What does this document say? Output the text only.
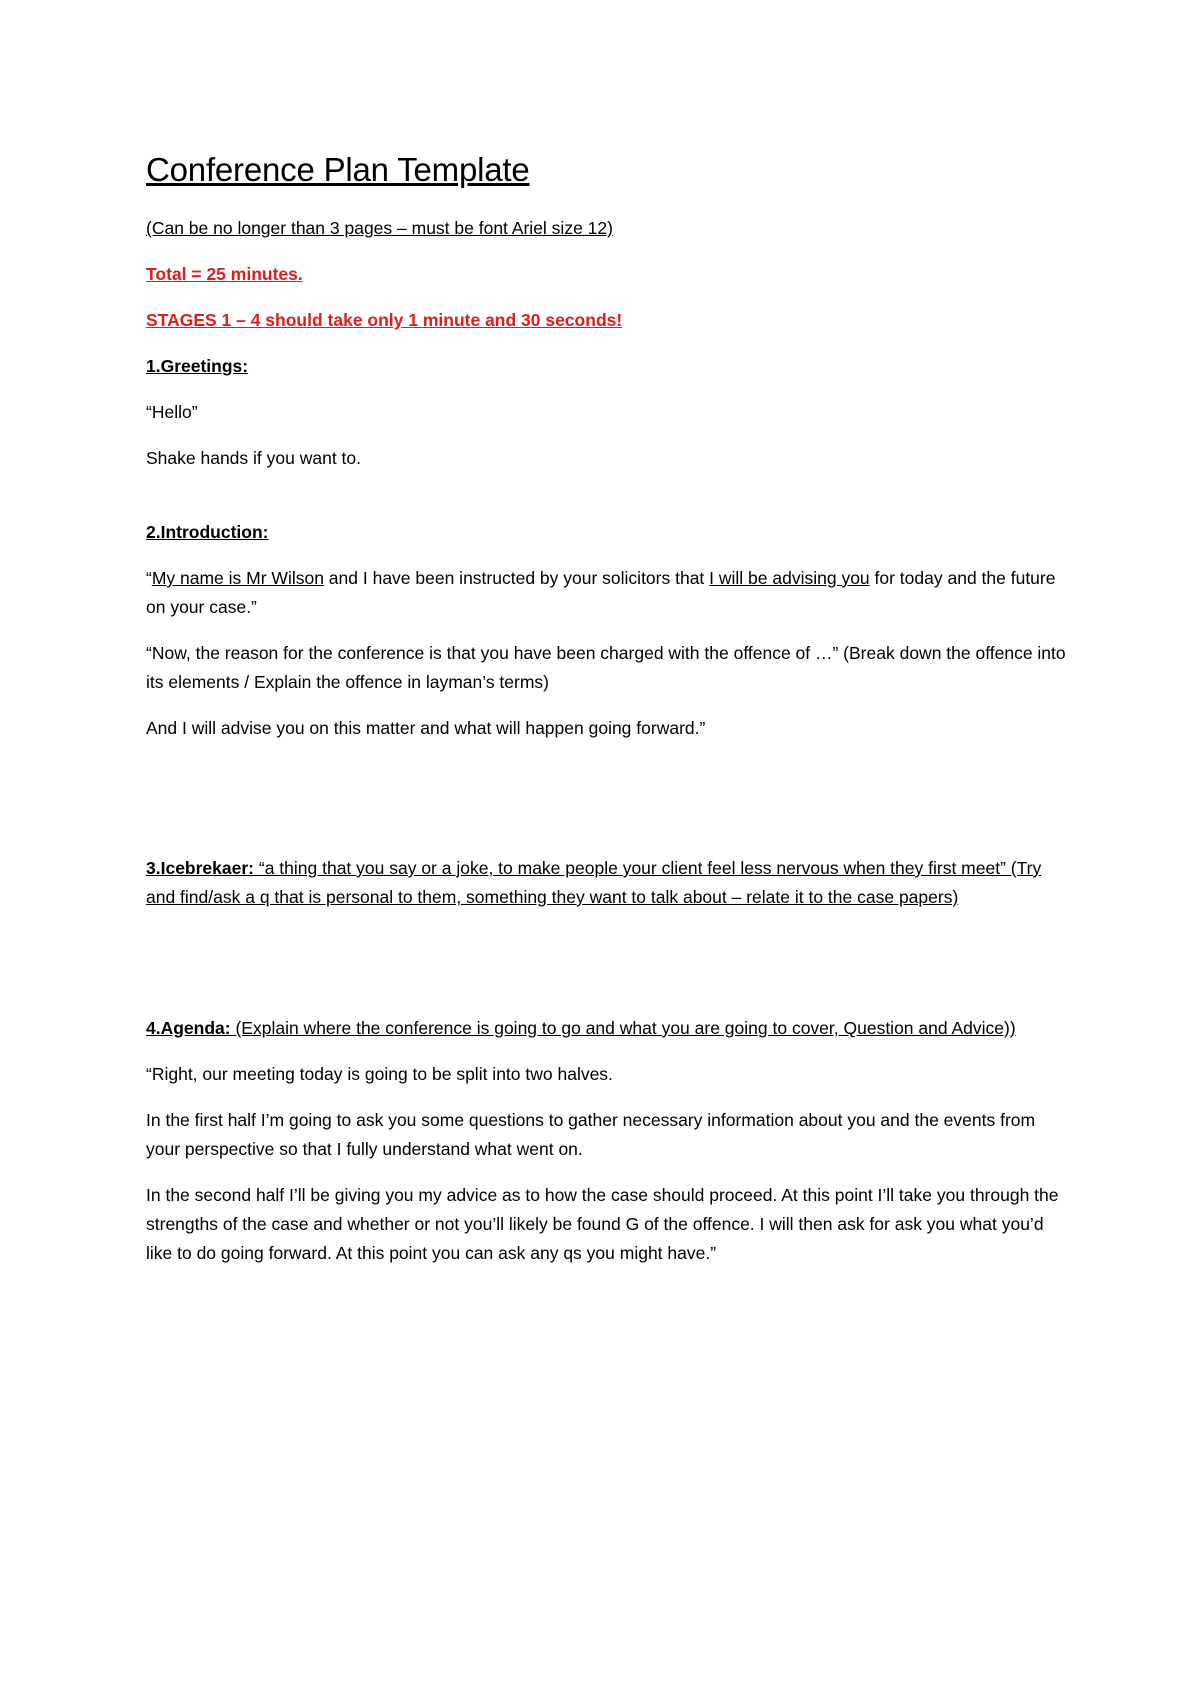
Conference Plan Template

(Can be no longer than 3 pages – must be font Ariel size 12)

Total = 25 minutes.

STAGES 1 – 4 should take only 1 minute and 30 seconds!

1.Greetings:

“Hello”

Shake hands if you want to.

2.Introduction:

“My name is Mr Wilson and I have been instructed by your solicitors that I will be advising you for today and the future on your case.”

“Now, the reason for the conference is that you have been charged with the offence of …” (Break down the offence into its elements / Explain the offence in layman’s terms)

And I will advise you on this matter and what will happen going forward.”

3.Icebrekaer: “a thing that you say or a joke, to make people your client feel less nervous when they first meet” (Try and find/ask a q that is personal to them, something they want to talk about – relate it to the case papers)

4.Agenda: (Explain where the conference is going to go and what you are going to cover, Question and Advice))

“Right, our meeting today is going to be split into two halves.

In the first half I’m going to ask you some questions to gather necessary information about you and the events from your perspective so that I fully understand what went on.

In the second half I’ll be giving you my advice as to how the case should proceed. At this point I’ll take you through the strengths of the case and whether or not you’ll likely be found G of the offence. I will then ask for ask you what you’d like to do going forward. At this point you can ask any qs you might have.”
